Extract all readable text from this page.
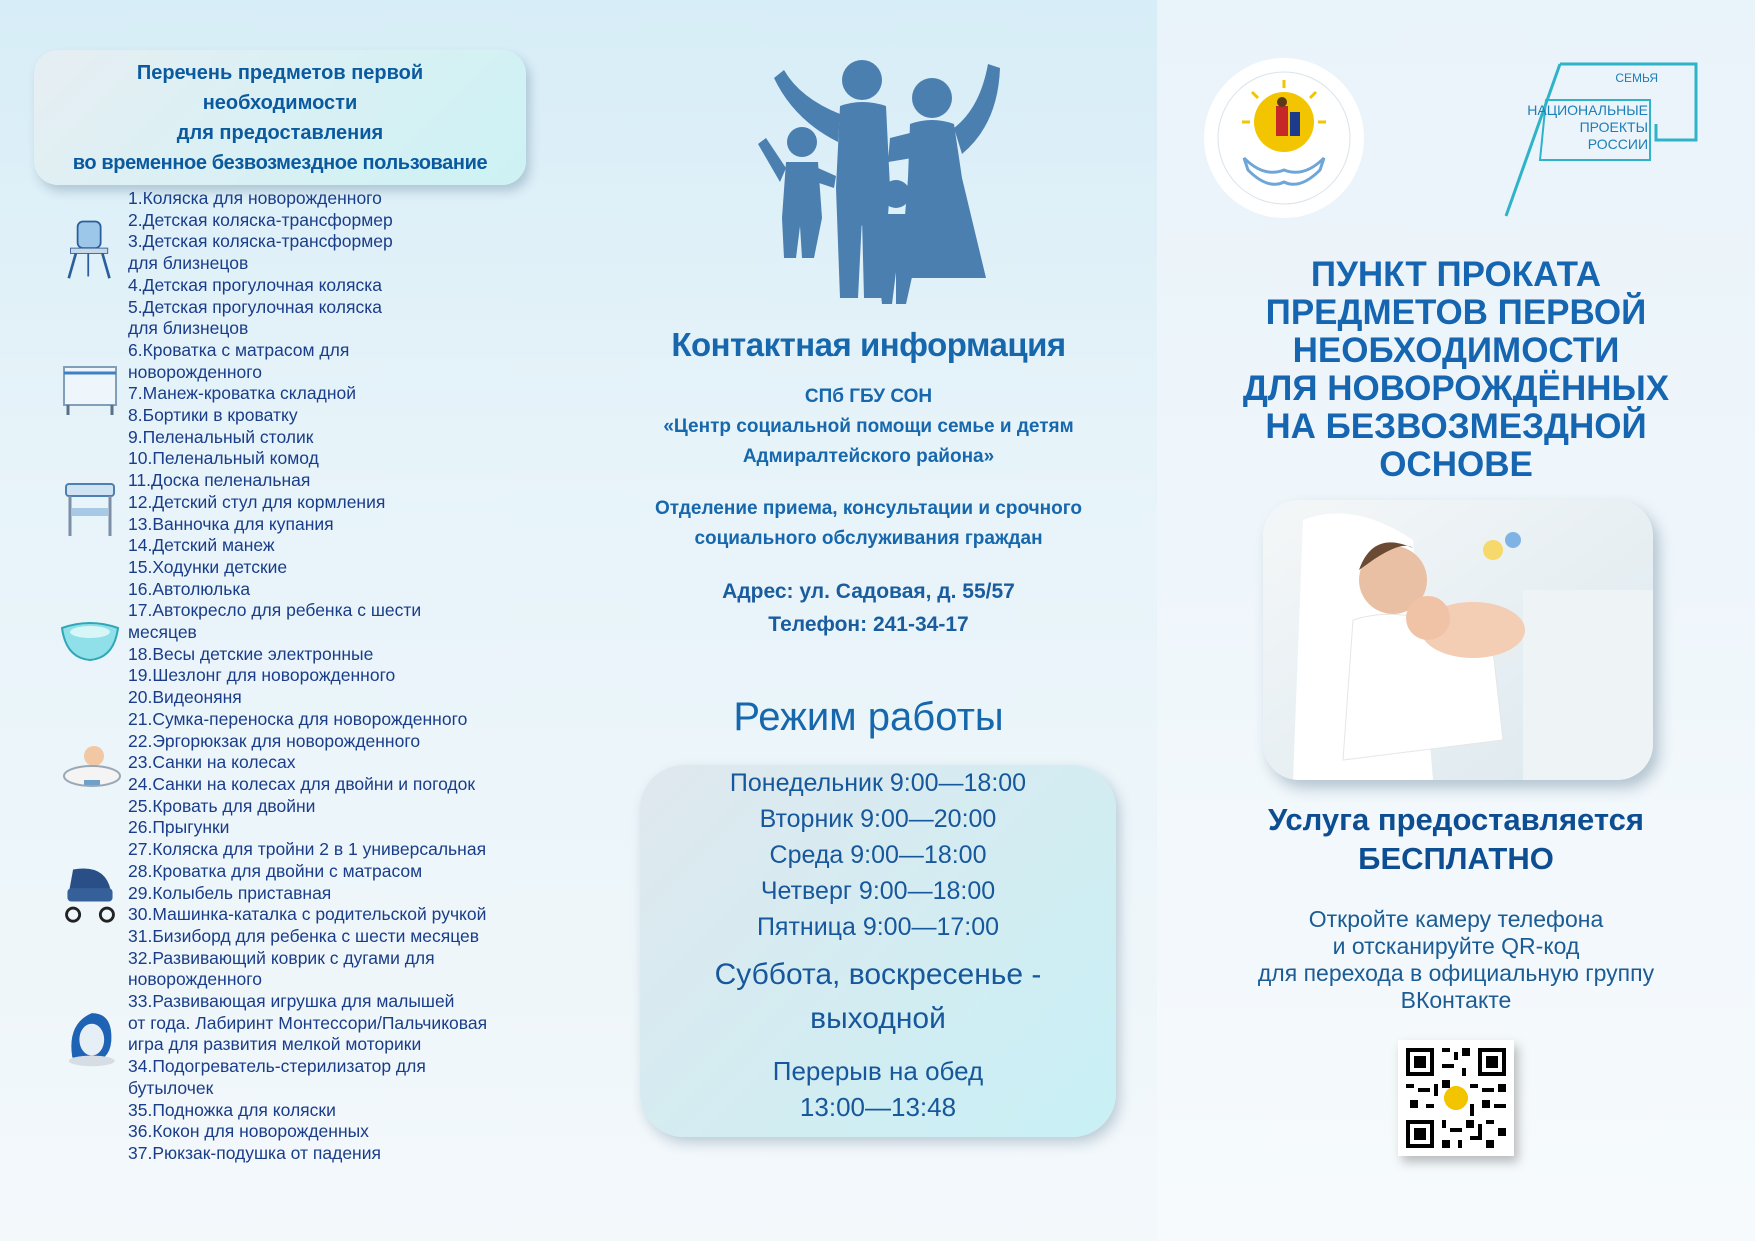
Перечень предметов первой
необходимости
для предоставления
во временное безвозмездное пользование
1.Коляска для новорожденного
2.Детская коляска-трансформер
3.Детская коляска-трансформер
для близнецов
4.Детская прогулочная коляска
5.Детская прогулочная коляска
для близнецов
6.Кроватка с матрасом для
новорожденного
7.Манеж-кроватка складной
8.Бортики в кроватку
9.Пеленальный столик
10.Пеленальный комод
11.Доска пеленальная
12.Детский стул для кормления
13.Ванночка для купания
14.Детский манеж
15.Ходунки детские
16.Автолюлька
17.Автокресло для ребенка с шести
месяцев
18.Весы детские электронные
19.Шезлонг для новорожденного
20.Видеоняня
21.Сумка-переноска для новорожденного
22.Эргорюкзак для новорожденного
23.Санки на колесах
24.Санки на колесах для двойни и погодок
25.Кровать для двойни
26.Прыгунки
27.Коляска для тройни 2 в 1 универсальная
28.Кроватка для двойни с матрасом
29.Колыбель приставная
30.Машинка-каталка с родительской ручкой
31.Бизиборд для ребенка с шести месяцев
32.Развивающий коврик с дугами для
новорожденного
33.Развивающая игрушка для малышей
от года. Лабиринт Монтессори/Пальчиковая
игра для развития мелкой моторики
34.Подогреватель-стерилизатор для
бутылочек
35.Подножка для коляски
36.Кокон для новорожденных
37.Рюкзак-подушка от падения
Контактная информация
СПб ГБУ СОН
«Центр социальной помощи семье и детям
Адмиралтейского района»
Отделение приема, консультации и срочного
социального обслуживания граждан
Адрес: ул. Садовая, д. 55/57
Телефон: 241-34-17
Режим работы
Понедельник 9:00—18:00
Вторник 9:00—20:00
Среда 9:00—18:00
Четверг 9:00—18:00
Пятница 9:00—17:00
Суббота, воскресенье -
выходной
Перерыв на обед
13:00—13:48
СЕМЬЯ
НАЦИОНАЛЬНЫЕ
ПРОЕКТЫ
РОССИИ
ПУНКТ ПРОКАТА
ПРЕДМЕТОВ ПЕРВОЙ
НЕОБХОДИМОСТИ
ДЛЯ НОВОРОЖДЁННЫХ
НА БЕЗВОЗМЕЗДНОЙ
ОСНОВЕ
Услуга предоставляется
БЕСПЛАТНО
Откройте камеру телефона
и отсканируйте QR-код
для перехода в официальную группу
ВКонтакте
